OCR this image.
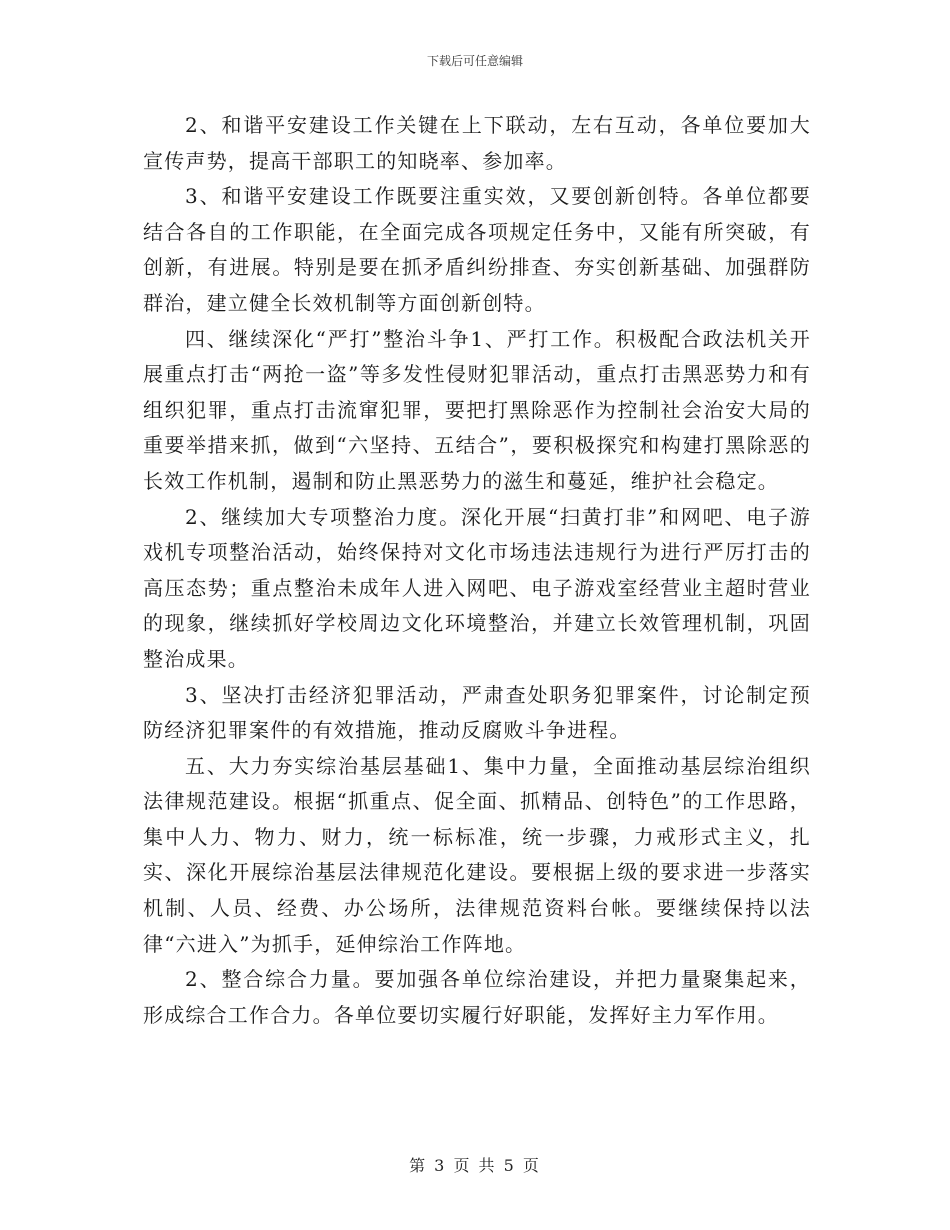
下载后可任意编辑

2、和谐平安建设工作关键在上下联动，左右互动，各单位要加大宣传声势，提高干部职工的知晓率、参加率。

3、和谐平安建设工作既要注重实效，又要创新创特。各单位都要结合各自的工作职能，在全面完成各项规定任务中，又能有所突破，有创新，有进展。特别是要在抓矛盾纠纷排查、夯实创新基础、加强群防群治，建立健全长效机制等方面创新创特。

四、继续深化“严打”整治斗争1、严打工作。积极配合政法机关开展重点打击“两抢一盗”等多发性侵财犯罪活动，重点打击黑恶势力和有组织犯罪，重点打击流窜犯罪，要把打黑除恶作为控制社会治安大局的重要举措来抓，做到“六坚持、五结合”，要积极探究和构建打黑除恶的长效工作机制，遏制和防止黑恶势力的滋生和蔓延，维护社会稳定。

2、继续加大专项整治力度。深化开展“扫黄打非”和网吧、电子游戏机专项整治活动，始终保持对文化市场违法违规行为进行严厉打击的高压态势；重点整治未成年人进入网吧、电子游戏室经营业主超时营业的现象，继续抓好学校周边文化环境整治，并建立长效管理机制，巩固整治成果。

3、坚决打击经济犯罪活动，严肃查处职务犯罪案件，讨论制定预防经济犯罪案件的有效措施，推动反腐败斗争进程。

五、大力夯实综治基层基础1、集中力量，全面推动基层综治组织法律规范建设。根据“抓重点、促全面、抓精品、创特色”的工作思路，集中人力、物力、财力，统一标标准，统一步骤，力戒形式主义，扎实、深化开展综治基层法律规范化建设。要根据上级的要求进一步落实机制、人员、经费、办公场所，法律规范资料台帐。要继续保持以法律“六进入”为抓手，延伸综治工作阵地。

2、整合综合力量。要加强各单位综治建设，并把力量聚集起来，形成综合工作合力。各单位要切实履行好职能，发挥好主力军作用。

第 3 页 共 5 页
